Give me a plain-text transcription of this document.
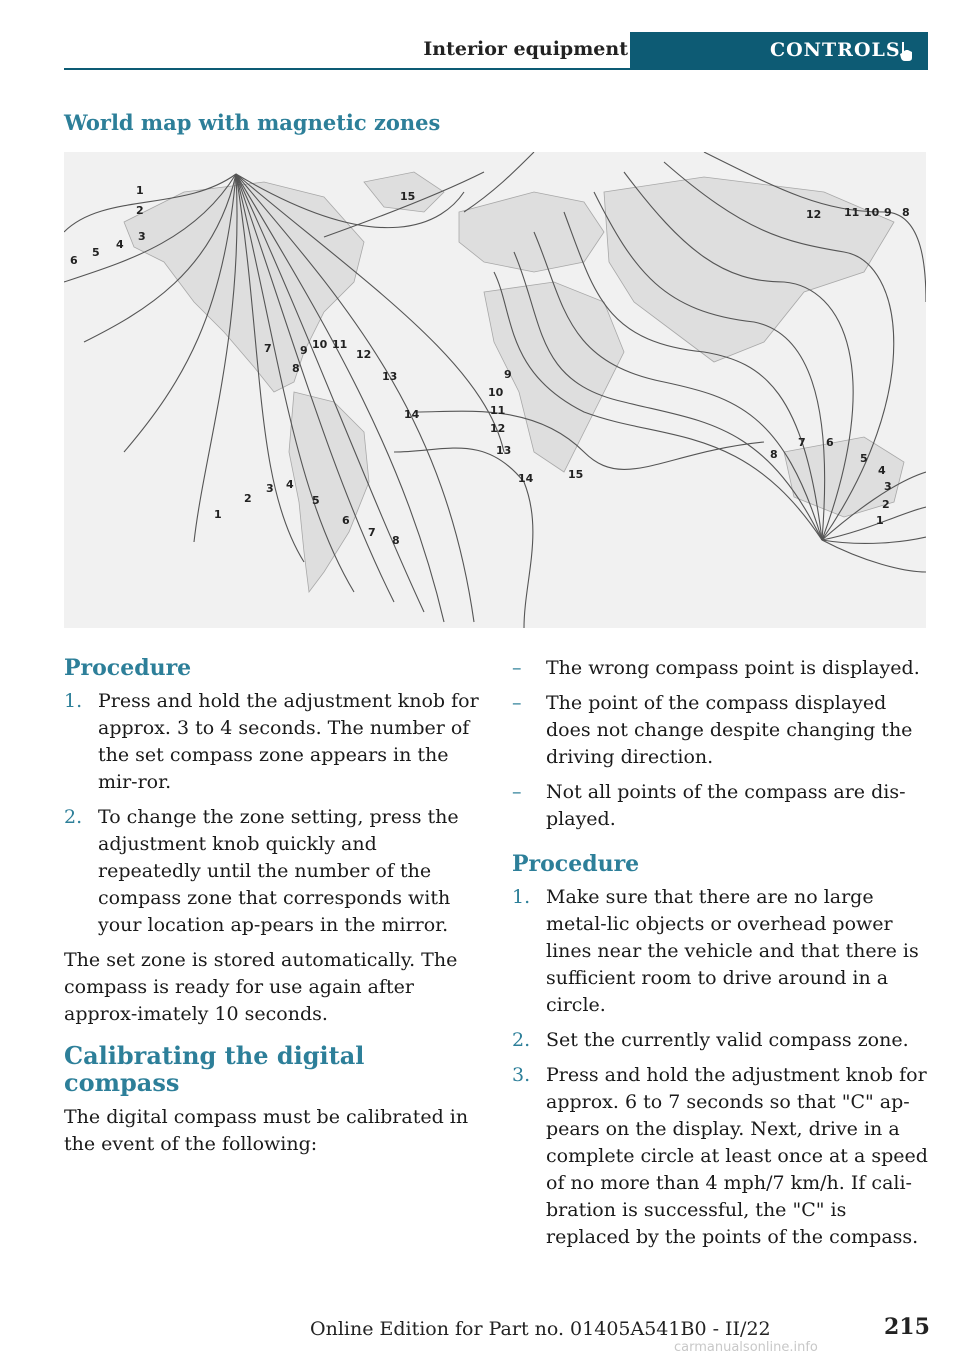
Interior equipment	CONTROLS
World map with magnetic zones
1
2
3
4
5
6
7
8
9 10 11
12
13
14
15
1
2
3 4
5
6
7
8
9
10
11
12
13
14	15
8
7 6
5
4
3
2
1
12 11 10 9 8
Procedure
1. Press and hold the adjustment knob for approx. 3 to 4 seconds. The number of the set compass zone appears in the mir‐ror.
2. To change the zone setting, press the adjustment knob quickly and repeatedly until the number of the compass zone that corresponds with your location ap‐pears in the mirror.

The set zone is stored automatically. The compass is ready for use again after approx‐imately 10 seconds.

Calibrating the digital compass

The digital compass must be calibrated in the event of the following:

– The wrong compass point is displayed.
– The point of the compass displayed does not change despite changing the driving direction.
– Not all points of the compass are dis‐played.
Procedure
1. Make sure that there are no large metal‐lic objects or overhead power lines near the vehicle and that there is sufficient room to drive around in a circle.
2. Set the currently valid compass zone.
3. Press and hold the adjustment knob for approx. 6 to 7 seconds so that "C" ap‐pears on the display. Next, drive in a complete circle at least once at a speed of no more than 4 mph/7 km/h. If cali‐bration is successful, the "C" is replaced by the points of the compass.
Online Edition for Part no. 01405A541B0 - II/22	215
carmanualsonline.info
